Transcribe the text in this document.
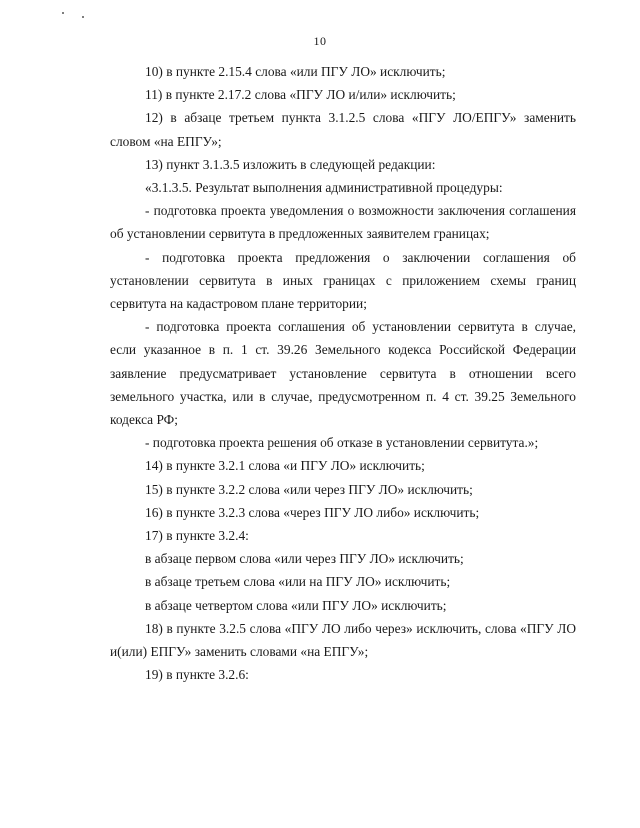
10

10) в пункте 2.15.4 слова «или ПГУ ЛО» исключить;

11) в пункте 2.17.2 слова «ПГУ ЛО и/или» исключить;

12) в абзаце третьем пункта 3.1.2.5 слова «ПГУ ЛО/ЕПГУ» заменить словом «на ЕПГУ»;

13) пункт 3.1.3.5 изложить в следующей редакции:

«3.1.3.5. Результат выполнения административной процедуры:

- подготовка проекта уведомления о возможности заключения соглашения об установлении сервитута в предложенных заявителем границах;

- подготовка проекта предложения о заключении соглашения об установлении сервитута в иных границах с приложением схемы границ сервитута на кадастровом плане территории;

- подготовка проекта соглашения об установлении сервитута в случае, если указанное в п. 1 ст. 39.26 Земельного кодекса Российской Федерации заявление предусматривает установление сервитута в отношении всего земельного участка, или в случае, предусмотренном п. 4 ст. 39.25 Земельного кодекса РФ;

- подготовка проекта решения об отказе в установлении сервитута.»;

14) в пункте 3.2.1 слова «и ПГУ ЛО» исключить;

15) в пункте 3.2.2 слова «или через ПГУ ЛО» исключить;

16) в пункте 3.2.3 слова «через ПГУ ЛО либо» исключить;

17) в пункте 3.2.4:

в абзаце первом слова «или через ПГУ ЛО» исключить;

в абзаце третьем слова «или на ПГУ ЛО» исключить;

в абзаце четвертом слова «или ПГУ ЛО» исключить;

18) в пункте 3.2.5 слова «ПГУ ЛО либо через» исключить, слова «ПГУ ЛО и(или) ЕПГУ» заменить словами «на ЕПГУ»;

19) в пункте 3.2.6:
